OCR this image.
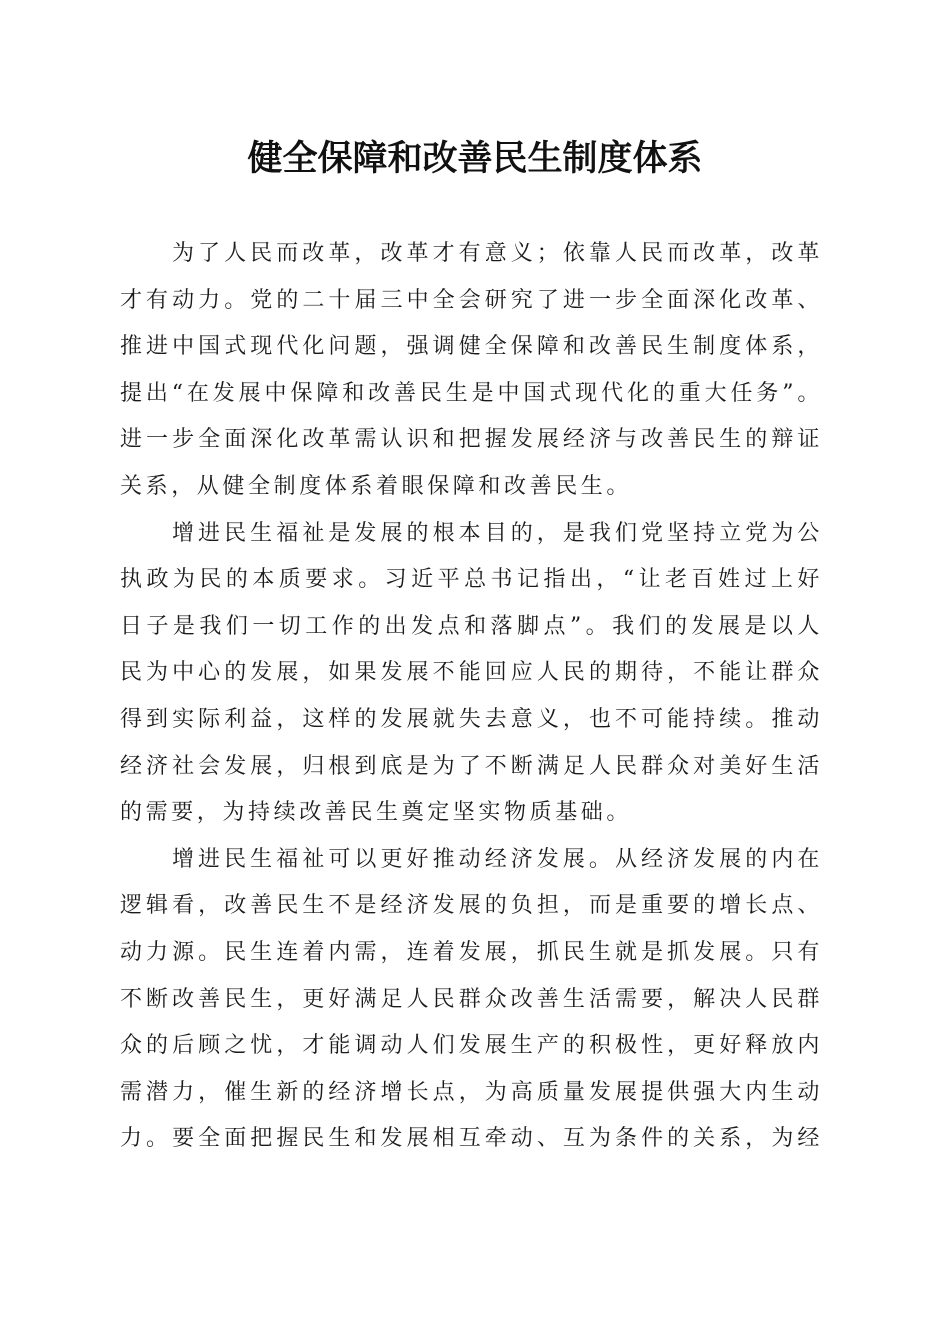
健全保障和改善民生制度体系

为了人民而改革，改革才有意义；依靠人民而改革，改革

才有动力。党的二十届三中全会研究了进一步全面深化改革、

推进中国式现代化问题，强调健全保障和改善民生制度体系，

提出“在发展中保障和改善民生是中国式现代化的重大任务”。

进一步全面深化改革需认识和把握发展经济与改善民生的辩证

关系，从健全制度体系着眼保障和改善民生。

增进民生福祉是发展的根本目的，是我们党坚持立党为公

执政为民的本质要求。习近平总书记指出，“让老百姓过上好

日子是我们一切工作的出发点和落脚点”。我们的发展是以人

民为中心的发展，如果发展不能回应人民的期待，不能让群众

得到实际利益，这样的发展就失去意义，也不可能持续。推动

经济社会发展，归根到底是为了不断满足人民群众对美好生活

的需要，为持续改善民生奠定坚实物质基础。

增进民生福祉可以更好推动经济发展。从经济发展的内在

逻辑看，改善民生不是经济发展的负担，而是重要的增长点、

动力源。民生连着内需，连着发展，抓民生就是抓发展。只有

不断改善民生，更好满足人民群众改善生活需要，解决人民群

众的后顾之忧，才能调动人们发展生产的积极性，更好释放内

需潜力，催生新的经济增长点，为高质量发展提供强大内生动

力。要全面把握民生和发展相互牵动、互为条件的关系，为经
